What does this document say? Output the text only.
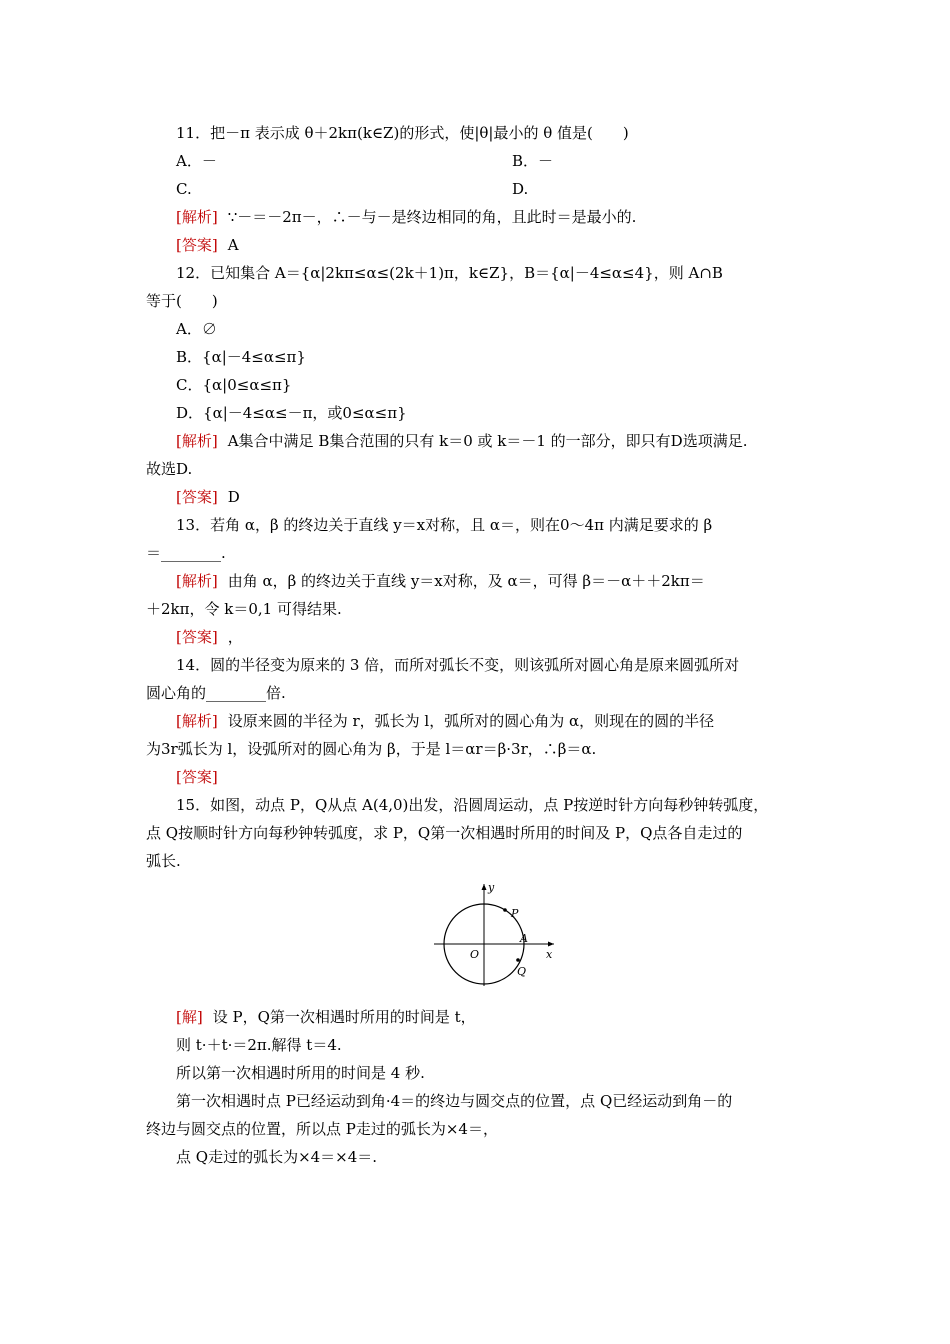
11．把－π 表示成 θ＋2kπ(k∈Z)的形式，使|θ|最小的 θ 值是(　　)
A．－	B．－
C.	D.
[解析] ∵－＝－2π－，∴－与－是终边相同的角，且此时＝是最小的.
[答案] A
12．已知集合 A＝{α|2kπ≤α≤(2k＋1)π，k∈Z}，B＝{α|－4≤α≤4}，则 A∩B
等于(　　)
A．∅
B．{α|－4≤α≤π}
C．{α|0≤α≤π}
D．{α|－4≤α≤－π，或0≤α≤π}
[解析] A集合中满足 B集合范围的只有 k＝0 或 k＝－1 的一部分，即只有D选项满足.
故选D.
[答案] D
13．若角 α，β 的终边关于直线 y＝x对称，且 α＝，则在0～4π 内满足要求的 β
＝________.
[解析] 由角 α，β 的终边关于直线 y＝x对称，及 α＝，可得 β＝－α＋＋2kπ＝
＋2kπ，令 k＝0,1 可得结果.
[答案] ，
14．圆的半径变为原来的 3 倍，而所对弧长不变，则该弧所对圆心角是原来圆弧所对
圆心角的________倍.
[解析] 设原来圆的半径为 r，弧长为 l，弧所对的圆心角为 α，则现在的圆的半径
为3r弧长为 l，设弧所对的圆心角为 β，于是 l＝αr＝β·3r，∴β＝α.
[答案]
15．如图，动点 P，Q从点 A(4,0)出发，沿圆周运动，点 P按逆时针方向每秒钟转弧度，
点 Q按顺时针方向每秒钟转弧度，求 P，Q第一次相遇时所用的时间及 P，Q点各自走过的
弧长.
y
x
P
A
O
Q
[解] 设 P，Q第一次相遇时所用的时间是 t，
则 t·＋t·＝2π.解得 t＝4.
所以第一次相遇时所用的时间是 4 秒.
第一次相遇时点 P已经运动到角·4＝的终边与圆交点的位置，点 Q已经运动到角－的
终边与圆交点的位置，所以点 P走过的弧长为×4＝，
点 Q走过的弧长为×4＝×4＝.
